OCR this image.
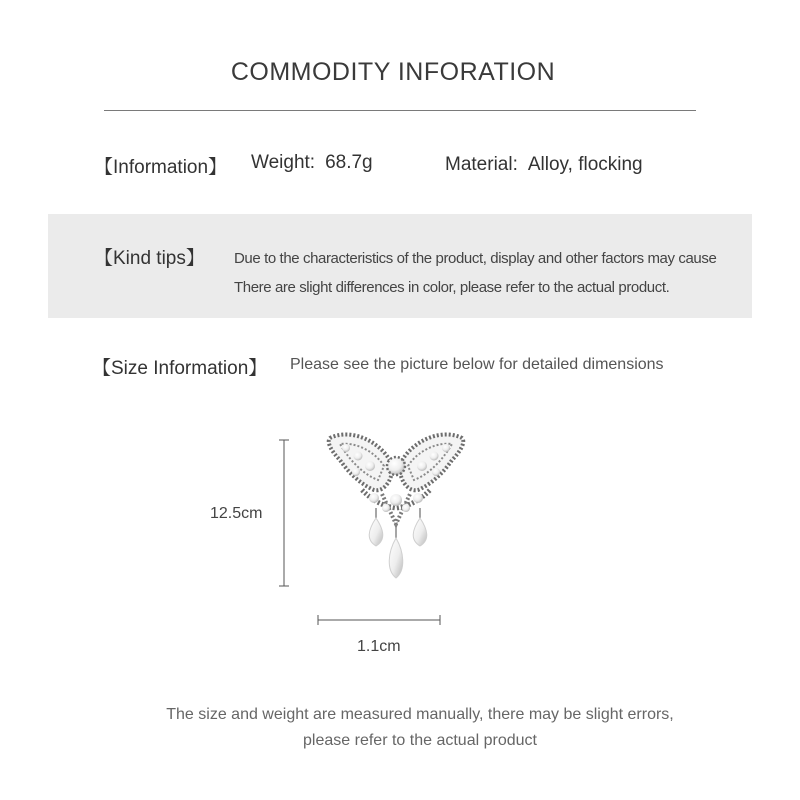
COMMODITY INFORATION
【Information】 Weight: 68.7g	Material: Alloy, flocking
【Kind tips】 Due to the characteristics of the product, display and other factors may cause
There are slight differences in color, please refer to the actual product.
【Size Information】 Please see the picture below for detailed dimensions
12.5cm
1.1cm
The size and weight are measured manually, there may be slight errors,
please refer to the actual product
